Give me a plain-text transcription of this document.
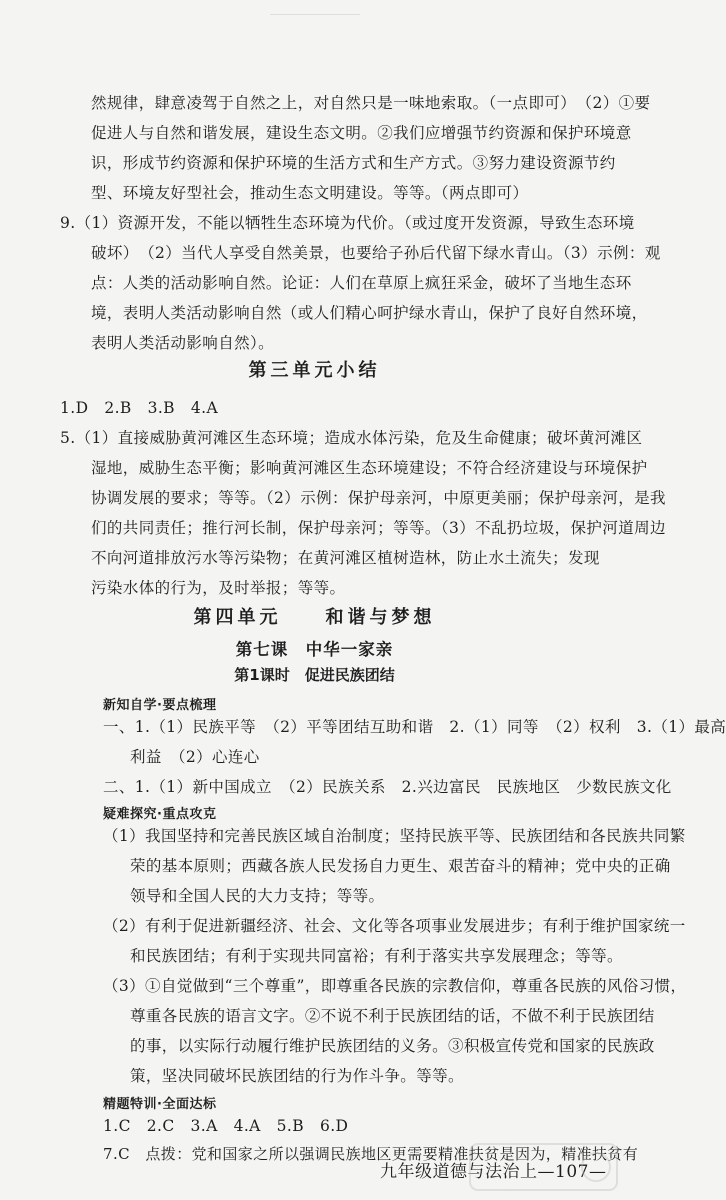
然规律，肆意凌驾于自然之上，对自然只是一味地索取。（一点即可）　（2）①要
促进人与自然和谐发展，建设生态文明。②我们应增强节约资源和保护环境意
识，形成节约资源和保护环境的生活方式和生产方式。③努力建设资源节约
型、环境友好型社会，推动生态文明建设。等等。（两点即可）
9.（1）资源开发，不能以牺牲生态环境为代价。（或过度开发资源，导致生态环境
破坏）　（2）当代人享受自然美景，也要给子孙后代留下绿水青山。（3）示例：观
点：人类的活动影响自然。论证：人们在草原上疯狂采金，破坏了当地生态环
境，表明人类活动影响自然（或人们精心呵护绿水青山，保护了良好自然环境，
表明人类活动影响自然）。
第三单元小结
1.D　2.B　3.B　4.A
5.（1）直接威胁黄河滩区生态环境；造成水体污染，危及生命健康；破坏黄河滩区
湿地，威胁生态平衡；影响黄河滩区生态环境建设；不符合经济建设与环境保护
协调发展的要求；等等。（2）示例：保护母亲河，中原更美丽；保护母亲河，是我
们的共同责任；推行河长制，保护母亲河；等等。（3）不乱扔垃圾，保护河道周边
不向河道排放污水等污染物；在黄河滩区植树造林，防止水土流失；发现
污染水体的行为，及时举报；等等。
第四单元　　和谐与梦想
第七课　中华一家亲
第1课时　促进民族团结
新知自学·要点梳理
一、1.（1）民族平等　（2）平等团结互助和谐　2.（1）同等　（2）权利　3.（1）最高
利益　（2）心连心
二、1.（1）新中国成立　（2）民族关系　2.兴边富民　民族地区　少数民族文化
疑难探究·重点攻克
（1）我国坚持和完善民族区域自治制度；坚持民族平等、民族团结和各民族共同繁
荣的基本原则；西藏各族人民发扬自力更生、艰苦奋斗的精神；党中央的正确
领导和全国人民的大力支持；等等。
（2）有利于促进新疆经济、社会、文化等各项事业发展进步；有利于维护国家统一
和民族团结；有利于实现共同富裕；有利于落实共享发展理念；等等。
（3）①自觉做到“三个尊重”，即尊重各民族的宗教信仰，尊重各民族的风俗习惯，
尊重各民族的语言文字。②不说不利于民族团结的话，不做不利于民族团结
的事，以实际行动履行维护民族团结的义务。③积极宣传党和国家的民族政
策，坚决同破坏民族团结的行为作斗争。等等。
精题特训·全面达标
1.C　2.C　3.A　4.A　5.B　6.D
7.C　点拨：党和国家之所以强调民族地区更需要精准扶贫是因为，精准扶贫有
九年级道德与法治上—107—
